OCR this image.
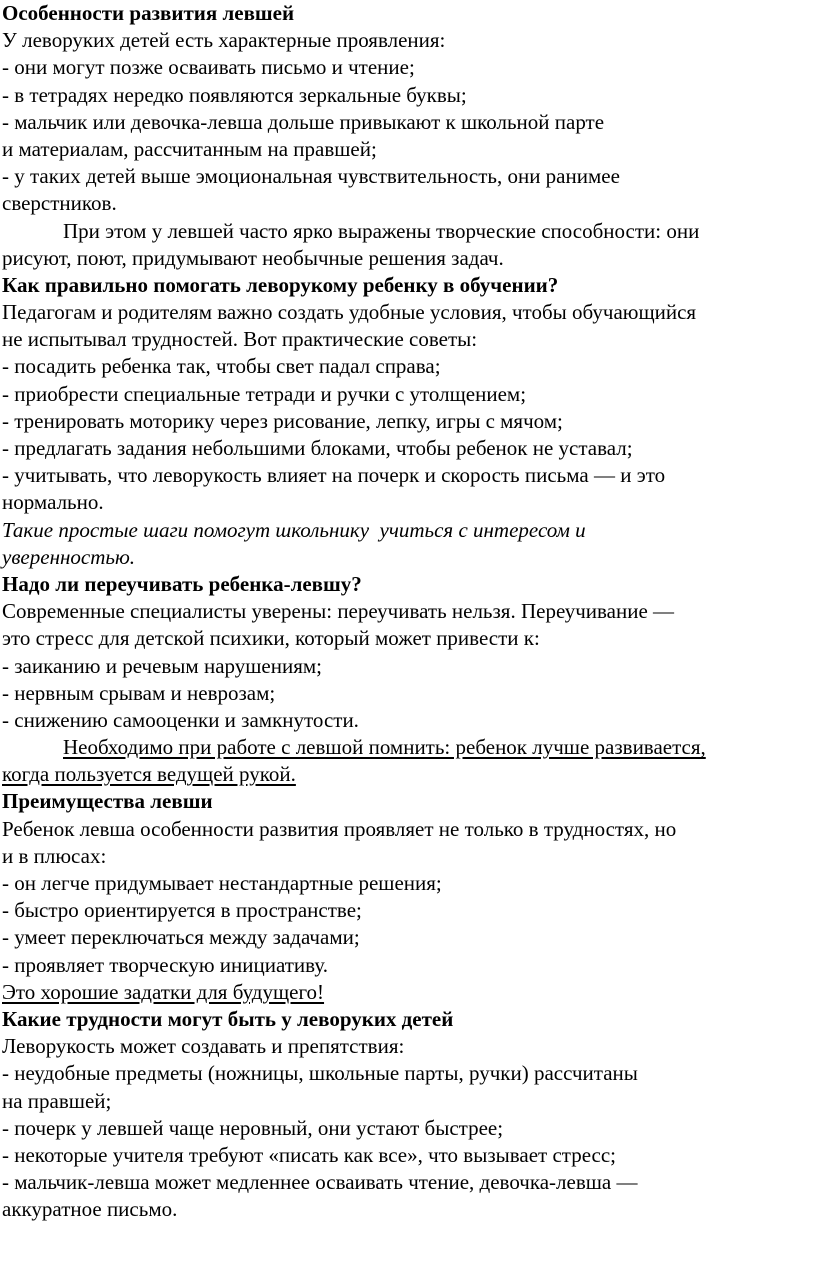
Особенности развития левшей
У леворуких детей есть характерные проявления:
- они могут позже осваивать письмо и чтение;
- в тетрадях нередко появляются зеркальные буквы;
- мальчик или девочка-левша дольше привыкают к школьной парте
и материалам, рассчитанным на правшей;
- у таких детей выше эмоциональная чувствительность, они ранимее
сверстников.
При этом у левшей часто ярко выражены творческие способности: они
рисуют, поют, придумывают необычные решения задач.
Как правильно помогать леворукому ребенку в обучении?
Педагогам и родителям важно создать удобные условия, чтобы обучающийся
не испытывал трудностей. Вот практические советы:
- посадить ребенка так, чтобы свет падал справа;
- приобрести специальные тетради и ручки с утолщением;
- тренировать моторику через рисование, лепку, игры с мячом;
- предлагать задания небольшими блоками, чтобы ребенок не уставал;
- учитывать, что леворукость влияет на почерк и скорость письма — и это
нормально.
Такие простые шаги помогут школьнику  учиться с интересом и
уверенностью.
Надо ли переучивать ребенка-левшу?
Современные специалисты уверены: переучивать нельзя. Переучивание —
это стресс для детской психики, который может привести к:
- заиканию и речевым нарушениям;
- нервным срывам и неврозам;
- снижению самооценки и замкнутости.
Необходимо при работе с левшой помнить: ребенок лучше развивается,
когда пользуется ведущей рукой.
Преимущества левши
Ребенок левша особенности развития проявляет не только в трудностях, но
и в плюсах:
- он легче придумывает нестандартные решения;
- быстро ориентируется в пространстве;
- умеет переключаться между задачами;
- проявляет творческую инициативу.
Это хорошие задатки для будущего!
Какие трудности могут быть у леворуких детей
Леворукость может создавать и препятствия:
- неудобные предметы (ножницы, школьные парты, ручки) рассчитаны
на правшей;
- почерк у левшей чаще неровный, они устают быстрее;
- некоторые учителя требуют «писать как все», что вызывает стресс;
- мальчик-левша может медленнее осваивать чтение, девочка-левша —
аккуратное письмо.
